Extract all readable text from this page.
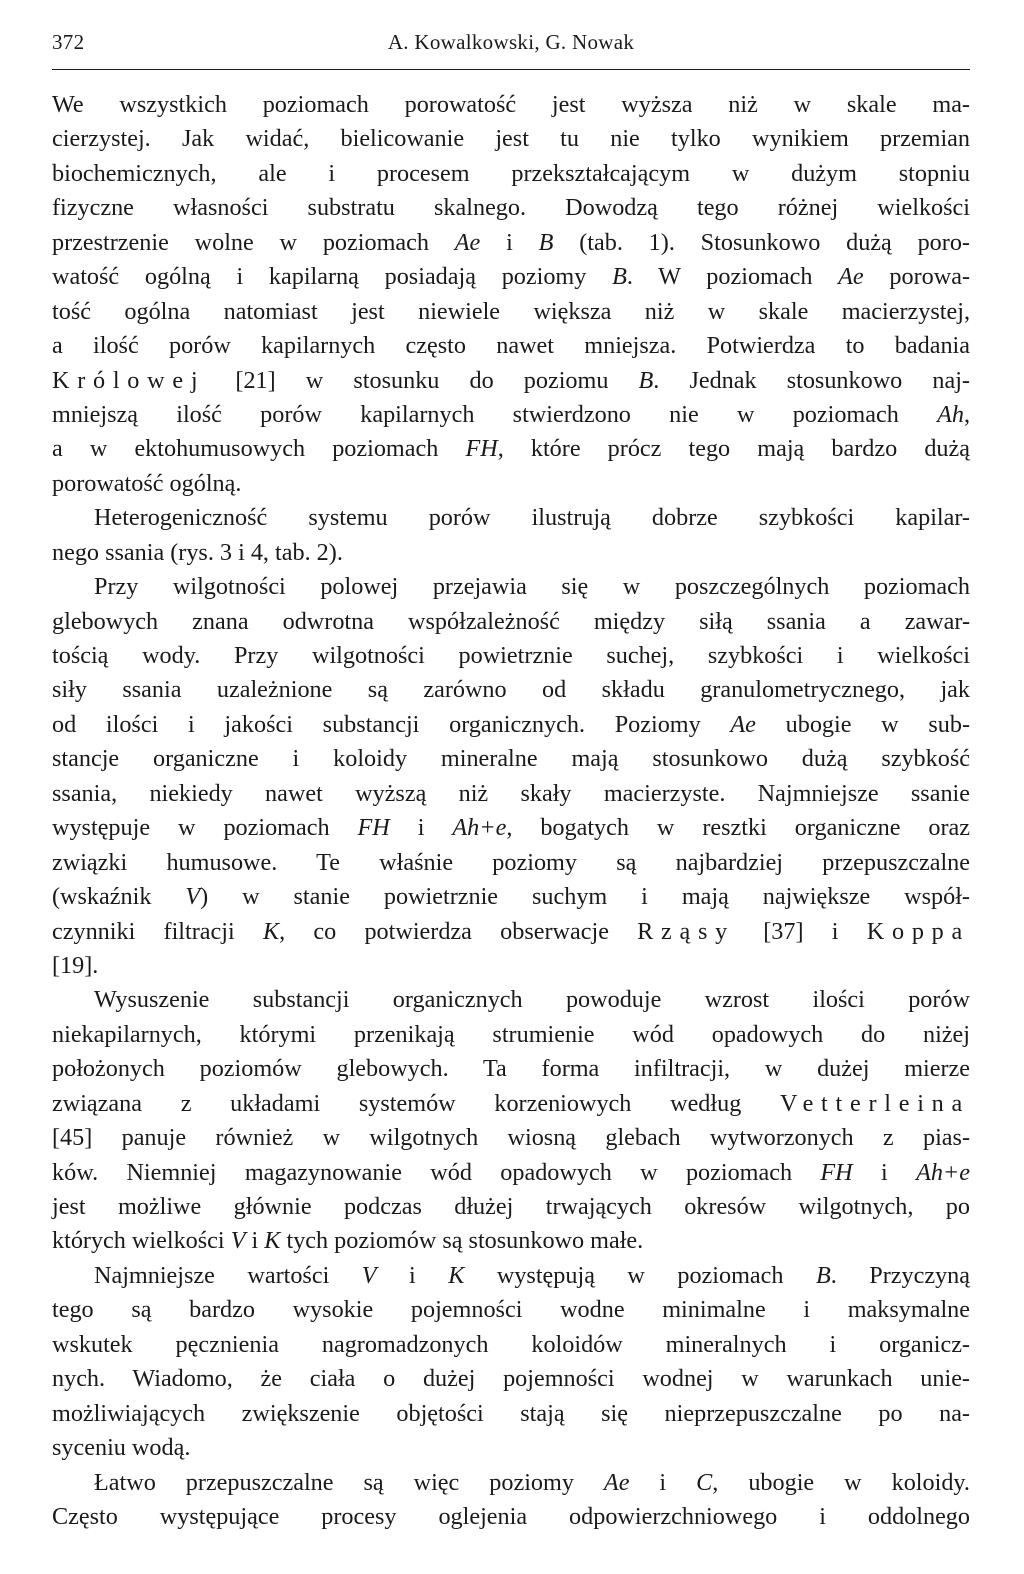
372	A. Kowalkowski, G. Nowak
We wszystkich poziomach porowatość jest wyższa niż w skale ma-
cierzystej. Jak widać, bielicowanie jest tu nie tylko wynikiem przemian
biochemicznych, ale i procesem przekształcającym w dużym stopniu
fizyczne własności substratu skalnego. Dowodzą tego różnej wielkości
przestrzenie wolne w poziomach Ae i B (tab. 1). Stosunkowo dużą poro-
watość ogólną i kapilarną posiadają poziomy B. W poziomach Ae porowa-
tość ogólna natomiast jest niewiele większa niż w skale macierzystej,
a ilość porów kapilarnych często nawet mniejsza. Potwierdza to badania
Królowej [21] w stosunku do poziomu B. Jednak stosunkowo naj-
mniejszą ilość porów kapilarnych stwierdzono nie w poziomach Ah,
a w ektohumusowych poziomach FH, które prócz tego mają bardzo dużą
porowatość ogólną.
Heterogeniczność systemu porów ilustrują dobrze szybkości kapilar-
nego ssania (rys. 3 i 4, tab. 2).
Przy wilgotności polowej przejawia się w poszczególnych poziomach
glebowych znana odwrotna współzależność między siłą ssania a zawar-
tością wody. Przy wilgotności powietrznie suchej, szybkości i wielkości
siły ssania uzależnione są zarówno od składu granulometrycznego, jak
od ilości i jakości substancji organicznych. Poziomy Ae ubogie w sub-
stancje organiczne i koloidy mineralne mają stosunkowo dużą szybkość
ssania, niekiedy nawet wyższą niż skały macierzyste. Najmniejsze ssanie
występuje w poziomach FH i Ah+e, bogatych w resztki organiczne oraz
związki humusowe. Te właśnie poziomy są najbardziej przepuszczalne
(wskaźnik V) w stanie powietrznie suchym i mają największe współ-
czynniki filtracji K, co potwierdza obserwacje Rząsy [37] i Koppa
[19].
Wysuszenie substancji organicznych powoduje wzrost ilości porów
niekapilarnych, którymi przenikają strumienie wód opadowych do niżej
położonych poziomów glebowych. Ta forma infiltracji, w dużej mierze
związana z układami systemów korzeniowych według Vetterleina
[45] panuje również w wilgotnych wiosną glebach wytworzonych z pias-
ków. Niemniej magazynowanie wód opadowych w poziomach FH i Ah+e
jest możliwe głównie podczas dłużej trwających okresów wilgotnych, po
których wielkości V i K tych poziomów są stosunkowo małe.
Najmniejsze wartości V i K występują w poziomach B. Przyczyną
tego są bardzo wysokie pojemności wodne minimalne i maksymalne
wskutek pęcznienia nagromadzonych koloidów mineralnych i organicz-
nych. Wiadomo, że ciała o dużej pojemności wodnej w warunkach unie-
możliwiających zwiększenie objętości stają się nieprzepuszczalne po na-
syceniu wodą.
Łatwo przepuszczalne są więc poziomy Ae i C, ubogie w koloidy.
Często występujące procesy oglejenia odpowierzchniowego i oddolnego
